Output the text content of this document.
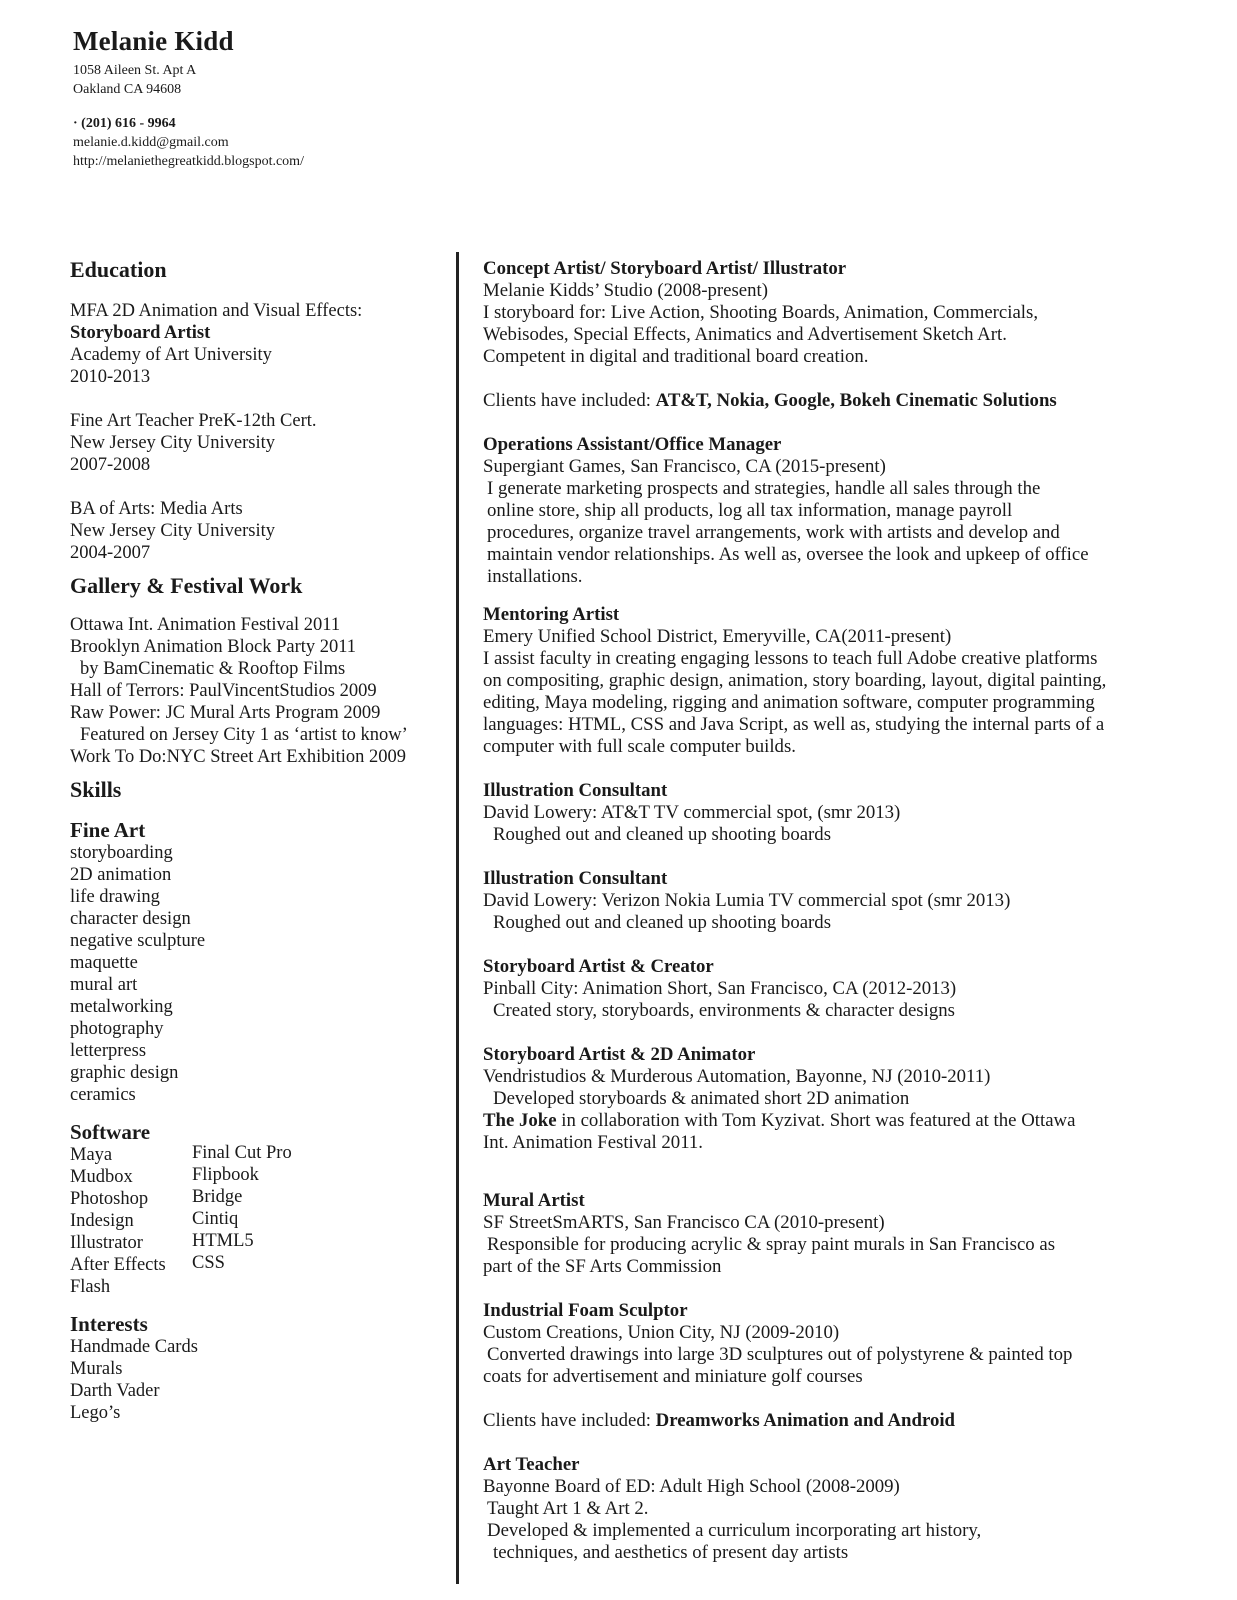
Melanie Kidd
1058 Aileen St. Apt A
Oakland CA 94608
· (201) 616 - 9964
melanie.d.kidd@gmail.com
http://melaniethegreatkidd.blogspot.com/
Education
MFA 2D Animation and Visual Effects:
Storyboard Artist
Academy of Art University
2010-2013
Fine Art Teacher PreK-12th Cert.
New Jersey City University
2007-2008
BA of Arts: Media Arts
New Jersey City University
2004-2007
Gallery & Festival Work
Ottawa Int. Animation Festival 2011
Brooklyn Animation Block Party 2011
by BamCinematic & Rooftop Films
Hall of Terrors: PaulVincentStudios 2009
Raw Power: JC Mural Arts Program 2009
Featured on Jersey City 1 as ‘artist to know’
Work To Do:NYC Street Art Exhibition 2009
Skills
Fine Art
storyboarding
2D animation
life drawing
character design
negative sculpture
maquette
mural art
metalworking
photography
letterpress
graphic design
ceramics
Software
Maya
Mudbox
Photoshop
Indesign
Illustrator
After Effects
Flash
Final Cut Pro
Flipbook
Bridge
Cintiq
HTML5
CSS
Interests
Handmade Cards
Murals
Darth Vader
Lego’s
Concept Artist/ Storyboard Artist/ Illustrator
Melanie Kidds’ Studio (2008-present)
I storyboard for: Live Action, Shooting Boards, Animation, Commercials,
Webisodes, Special Effects, Animatics and Advertisement Sketch Art.
Competent in digital and traditional board creation.
Clients have included: AT&T, Nokia, Google, Bokeh Cinematic Solutions
Operations Assistant/Office Manager
Supergiant Games, San Francisco, CA (2015-present)
I generate marketing prospects and strategies, handle all sales through the
online store, ship all products, log all tax information, manage payroll
procedures, organize travel arrangements, work with artists and develop and
maintain vendor relationships. As well as, oversee the look and upkeep of office
installations.
Mentoring Artist
Emery Unified School District, Emeryville, CA(2011-present)
I assist faculty in creating engaging lessons to teach full Adobe creative platforms
on compositing, graphic design, animation, story boarding, layout, digital painting,
editing, Maya modeling, rigging and animation software, computer programming
languages: HTML, CSS and Java Script, as well as, studying the internal parts of a
computer with full scale computer builds.
Illustration Consultant
David Lowery: AT&T TV commercial spot, (smr 2013)
Roughed out and cleaned up shooting boards
Illustration Consultant
David Lowery: Verizon Nokia Lumia TV commercial spot (smr 2013)
Roughed out and cleaned up shooting boards
Storyboard Artist & Creator
Pinball City: Animation Short, San Francisco, CA (2012-2013)
Created story, storyboards, environments & character designs
Storyboard Artist & 2D Animator
Vendristudios & Murderous Automation, Bayonne, NJ (2010-2011)
Developed storyboards & animated short 2D animation
The Joke in collaboration with Tom Kyzivat. Short was featured at the Ottawa
Int. Animation Festival 2011.
Mural Artist
SF StreetSmARTS, San Francisco CA (2010-present)
Responsible for producing acrylic & spray paint murals in San Francisco as
part of the SF Arts Commission
Industrial Foam Sculptor
Custom Creations, Union City, NJ (2009-2010)
Converted drawings into large 3D sculptures out of polystyrene & painted top
coats for advertisement and miniature golf courses
Clients have included: Dreamworks Animation and Android
Art Teacher
Bayonne Board of ED: Adult High School (2008-2009)
Taught Art 1 & Art 2.
Developed & implemented a curriculum incorporating art history,
techniques, and aesthetics of present day artists
